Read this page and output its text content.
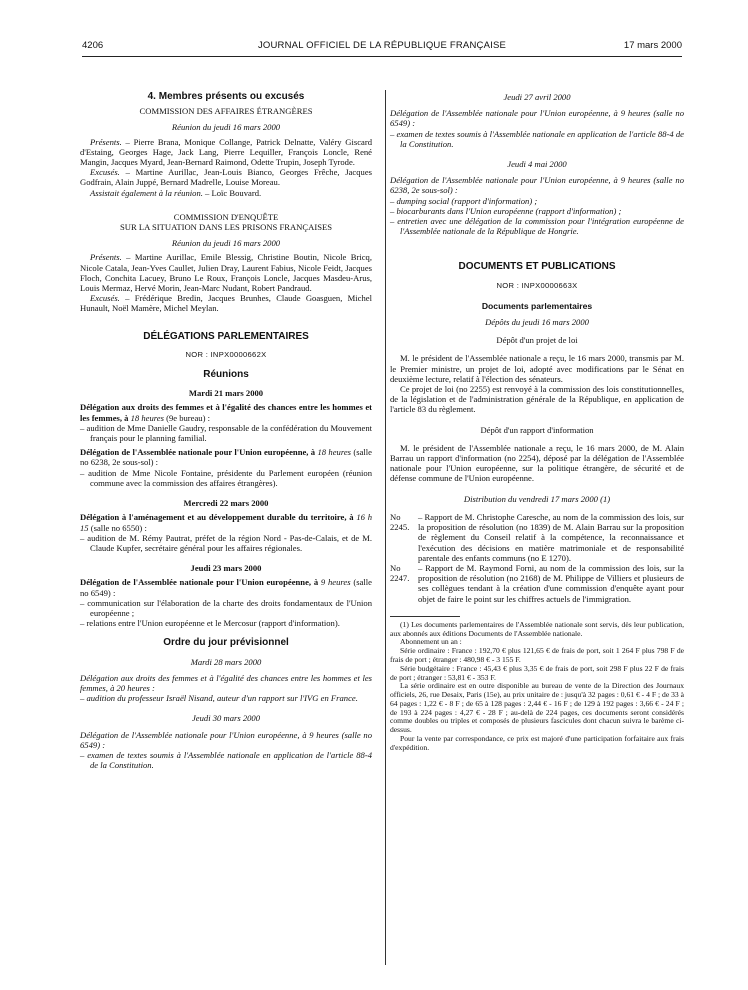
4206	JOURNAL OFFICIEL DE LA RÉPUBLIQUE FRANÇAISE	17 mars 2000
4. Membres présents ou excusés
COMMISSION DES AFFAIRES ÉTRANGÈRES
Réunion du jeudi 16 mars 2000

Présents. – Pierre Brana, Monique Collange, Patrick Delnatte, Valéry Giscard d'Estaing, Georges Hage, Jack Lang, Pierre Lequiller, François Loncle, René Mangin, Jacques Myard, Jean-Bernard Raimond, Odette Trupin, Joseph Tyrode.

Excusés. – Martine Aurillac, Jean-Louis Bianco, Georges Frêche, Jacques Godfrain, Alain Juppé, Bernard Madrelle, Louise Moreau.

Assistait également à la réunion. – Loïc Bouvard.

COMMISSION D'ENQUÊTE
SUR LA SITUATION DANS LES PRISONS FRANÇAISES
Réunion du jeudi 16 mars 2000

Présents. – Martine Aurillac, Emile Blessig, Christine Boutin, Nicole Bricq, Nicole Catala, Jean-Yves Caullet, Julien Dray, Laurent Fabius, Nicole Feidt, Jacques Floch, Conchita Lacuey, Bruno Le Roux, François Loncle, Jacques Masdeu-Arus, Louis Mermaz, Hervé Morin, Jean-Marc Nudant, Robert Pandraud.

Excusés. – Frédérique Bredin, Jacques Brunhes, Claude Goasguen, Michel Hunault, Noël Mamère, Michel Meylan.

DÉLÉGATIONS PARLEMENTAIRES
NOR : INPX0000662X
Réunions
Mardi 21 mars 2000

Délégation aux droits des femmes et à l'égalité des chances entre les hommes et les femmes, à 18 heures (9e bureau) :

– audition de Mme Danielle Gaudry, responsable de la confédération du Mouvement français pour le planning familial.

Délégation de l'Assemblée nationale pour l'Union européenne, à 18 heures (salle no 6238, 2e sous-sol) :

– audition de Mme Nicole Fontaine, présidente du Parlement européen (réunion commune avec la commission des affaires étrangères).

Mercredi 22 mars 2000

Délégation à l'aménagement et au développement durable du territoire, à 16 h 15 (salle no 6550) :

– audition de M. Rémy Pautrat, préfet de la région Nord - Pas-de-Calais, et de M. Claude Kupfer, secrétaire général pour les affaires régionales.

Jeudi 23 mars 2000

Délégation de l'Assemblée nationale pour l'Union européenne, à 9 heures (salle no 6549) :

– communication sur l'élaboration de la charte des droits fondamentaux de l'Union européenne ;

– relations entre l'Union européenne et le Mercosur (rapport d'information).

Ordre du jour prévisionnel
Mardi 28 mars 2000

Délégation aux droits des femmes et à l'égalité des chances entre les hommes et les femmes, à 20 heures :

– audition du professeur Israël Nisand, auteur d'un rapport sur l'IVG en France.

Jeudi 30 mars 2000

Délégation de l'Assemblée nationale pour l'Union européenne, à 9 heures (salle no 6549) :

– examen de textes soumis à l'Assemblée nationale en application de l'article 88-4 de la Constitution.

Jeudi 27 avril 2000

Délégation de l'Assemblée nationale pour l'Union européenne, à 9 heures (salle no 6549) :

– examen de textes soumis à l'Assemblée nationale en application de l'article 88-4 de la Constitution.

Jeudi 4 mai 2000

Délégation de l'Assemblée nationale pour l'Union européenne, à 9 heures (salle no 6238, 2e sous-sol) :

– dumping social (rapport d'information) ;

– biocarburants dans l'Union européenne (rapport d'information) ;

– entretien avec une délégation de la commission pour l'intégration européenne de l'Assemblée nationale de la République de Hongrie.

DOCUMENTS ET PUBLICATIONS
NOR : INPX0000663X
Documents parlementaires
Dépôts du jeudi 16 mars 2000
Dépôt d'un projet de loi

M. le président de l'Assemblée nationale a reçu, le 16 mars 2000, transmis par M. le Premier ministre, un projet de loi, adopté avec modifications par le Sénat en deuxième lecture, relatif à l'élection des sénateurs.

Ce projet de loi (no 2255) est renvoyé à la commission des lois constitutionnelles, de la législation et de l'administration générale de la République, en application de l'article 83 du règlement.

Dépôt d'un rapport d'information

M. le président de l'Assemblée nationale a reçu, le 16 mars 2000, de M. Alain Barrau un rapport d'information (no 2254), déposé par la délégation de l'Assemblée nationale pour l'Union européenne, sur la politique étrangère, de sécurité et de défense commune de l'Union européenne.

Distribution du vendredi 17 mars 2000 (1)
No 2245.

– Rapport de M. Christophe Caresche, au nom de la commission des lois, sur la proposition de résolution (no 1839) de M. Alain Barrau sur la proposition de règlement du Conseil relatif à la compétence, la reconnaissance et l'exécution des décisions en matière matrimoniale et de responsabilité parentale des enfants communs (no E 1270).

No 2247.

– Rapport de M. Raymond Forni, au nom de la commission des lois, sur la proposition de résolution (no 2168) de M. Philippe de Villiers et plusieurs de ses collègues tendant à la création d'une commission d'enquête ayant pour objet de faire le point sur les chiffres actuels de l'immigration.

(1) Les documents parlementaires de l'Assemblée nationale sont servis, dès leur publication, aux abonnés aux éditions Documents de l'Assemblée nationale.

Abonnement un an :

Série ordinaire : France : 192,70 € plus 121,65 € de frais de port, soit 1 264 F plus 798 F de frais de port ; étranger : 480,98 € - 3 155 F.

Série budgétaire : France : 45,43 € plus 3,35 € de frais de port, soit 298 F plus 22 F de frais de port ; étranger : 53,81 € - 353 F.

La série ordinaire est en outre disponible au bureau de vente de la Direction des Journaux officiels, 26, rue Desaix, Paris (15e), au prix unitaire de : jusqu'à 32 pages : 0,61 € - 4 F ; de 33 à 64 pages : 1,22 € - 8 F ; de 65 à 128 pages : 2,44 € - 16 F ; de 129 à 192 pages : 3,66 € - 24 F ; de 193 à 224 pages : 4,27 € - 28 F ; au-delà de 224 pages, ces documents seront considérés comme doubles ou triples et composés de plusieurs fascicules dont chacun suivra le barème ci-dessus.

Pour la vente par correspondance, ce prix est majoré d'une participation forfaitaire aux frais d'expédition.
